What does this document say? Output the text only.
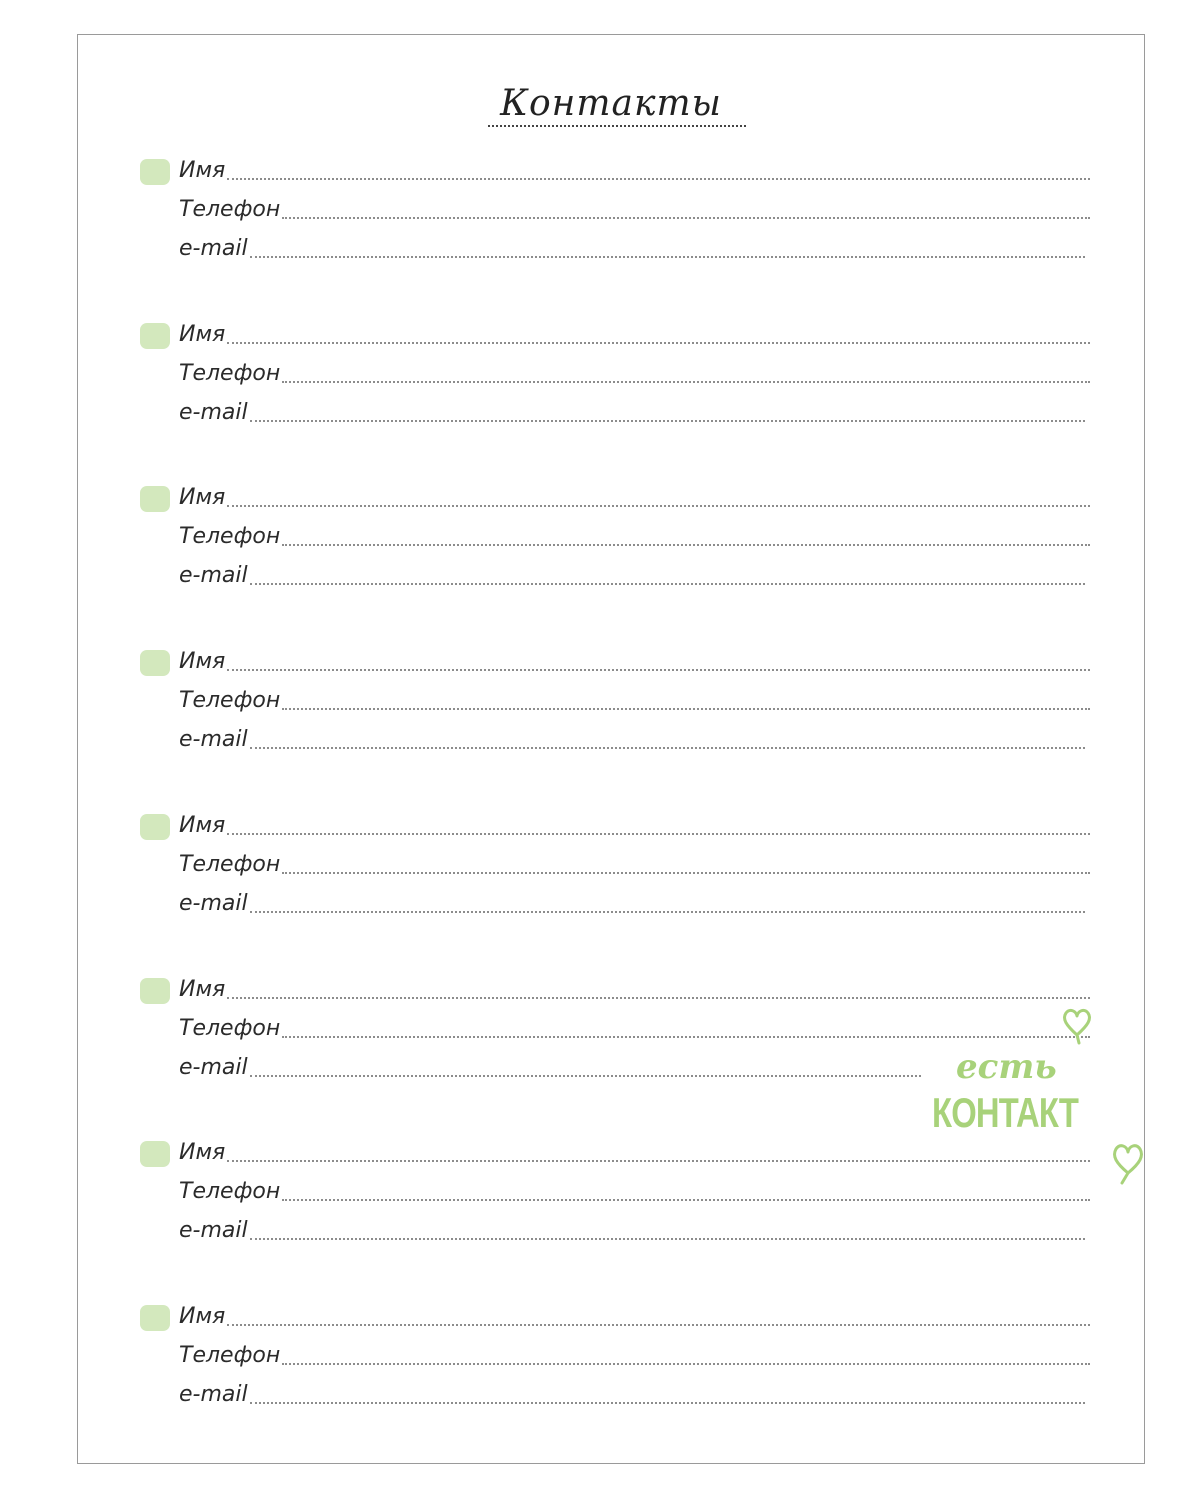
Контакты
Имя
Телефон
e-mail
Имя
Телефон
e-mail
Имя
Телефон
e-mail
Имя
Телефон
e-mail
Имя
Телефон
e-mail
Имя
Телефон
e-mail
Имя
Телефон
e-mail
Имя
Телефон
e-mail
есть
КОНТАКТ
